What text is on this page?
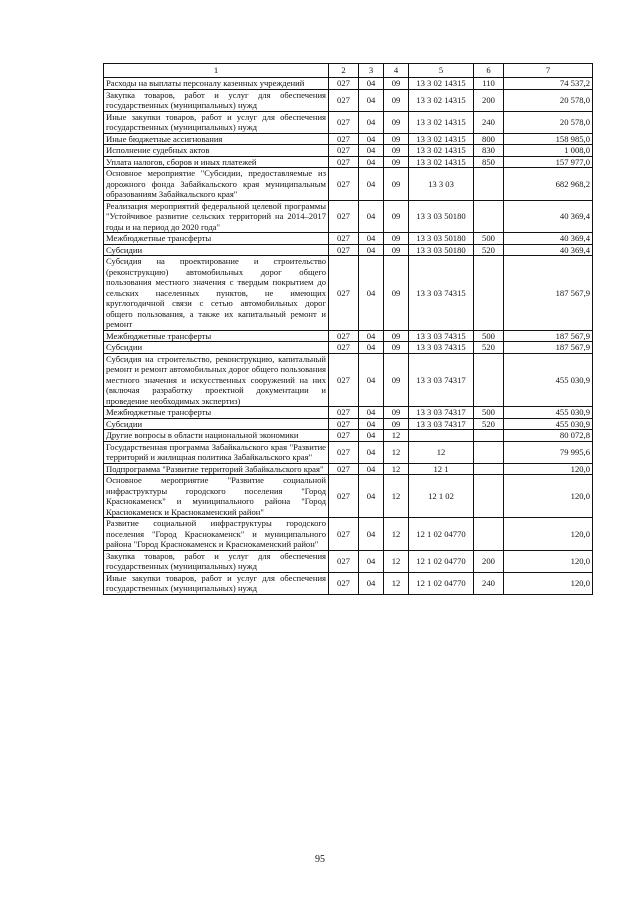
1	2	3	4	5	6	7
Расходы на выплаты персоналу казенных учреждений	027	04	09	13 3 02 14315	110	74 537,2
Закупка товаров, работ и услуг для обеспечения государственных (муниципальных) нужд	027	04	09	13 3 02 14315	200	20 578,0
Иные закупки товаров, работ и услуг для обеспечения государственных (муниципальных) нужд	027	04	09	13 3 02 14315	240	20 578,0
Иные бюджетные ассигнования	027	04	09	13 3 02 14315	800	158 985,0
Исполнение судебных актов	027	04	09	13 3 02 14315	830	1 008,0
Уплата налогов, сборов и иных платежей	027	04	09	13 3 02 14315	850	157 977,0
Основное мероприятие "Субсидии, предоставляемые из дорожного фонда Забайкальского края муниципальным образованиям Забайкальского края"	027	04	09	13 3 03		682 968,2
Реализация мероприятий федеральной целевой программы "Устойчивое развитие сельских территорий на 2014–2017 годы и на период до 2020 года"	027	04	09	13 3 03 50180		40 369,4
Межбюджетные трансферты	027	04	09	13 3 03 50180	500	40 369,4
Субсидии	027	04	09	13 3 03 50180	520	40 369,4
Субсидия на проектирование и строительство (реконструкцию) автомобильных дорог общего пользования местного значения с твердым покрытием до сельских населенных пунктов, не имеющих круглогодичной связи с сетью автомобильных дорог общего пользования, а также их капитальный ремонт и ремонт	027	04	09	13 3 03 74315		187 567,9
Межбюджетные трансферты	027	04	09	13 3 03 74315	500	187 567,9
Субсидии	027	04	09	13 3 03 74315	520	187 567,9
Субсидия на строительство, реконструкцию, капитальный ремонт и ремонт автомобильных дорог общего пользования местного значения и искусственных сооружений на них (включая разработку проектной документации и проведение необходимых экспертиз)	027	04	09	13 3 03 74317		455 030,9
Межбюджетные трансферты	027	04	09	13 3 03 74317	500	455 030,9
Субсидии	027	04	09	13 3 03 74317	520	455 030,9
Другие вопросы в области национальной экономики	027	04	12			80 072,8
Государственная программа Забайкальского края "Развитие территорий и жилищная политика Забайкальского края"	027	04	12	12		79 995,6
Подпрограмма "Развитие территорий Забайкальского края"	027	04	12	12 1		120,0
Основное мероприятие "Развитие социальной инфраструктуры городского поселения "Город Краснокаменск" и муниципального района "Город Краснокаменск и Краснокаменский район"	027	04	12	12 1 02		120,0
Развитие социальной инфраструктуры городского поселения "Город Краснокаменск" и муниципального района "Город Краснокаменск и Краснокаменский район"	027	04	12	12 1 02 04770		120,0
Закупка товаров, работ и услуг для обеспечения государственных (муниципальных) нужд	027	04	12	12 1 02 04770	200	120,0
Иные закупки товаров, работ и услуг для обеспечения государственных (муниципальных) нужд	027	04	12	12 1 02 04770	240	120,0
95
